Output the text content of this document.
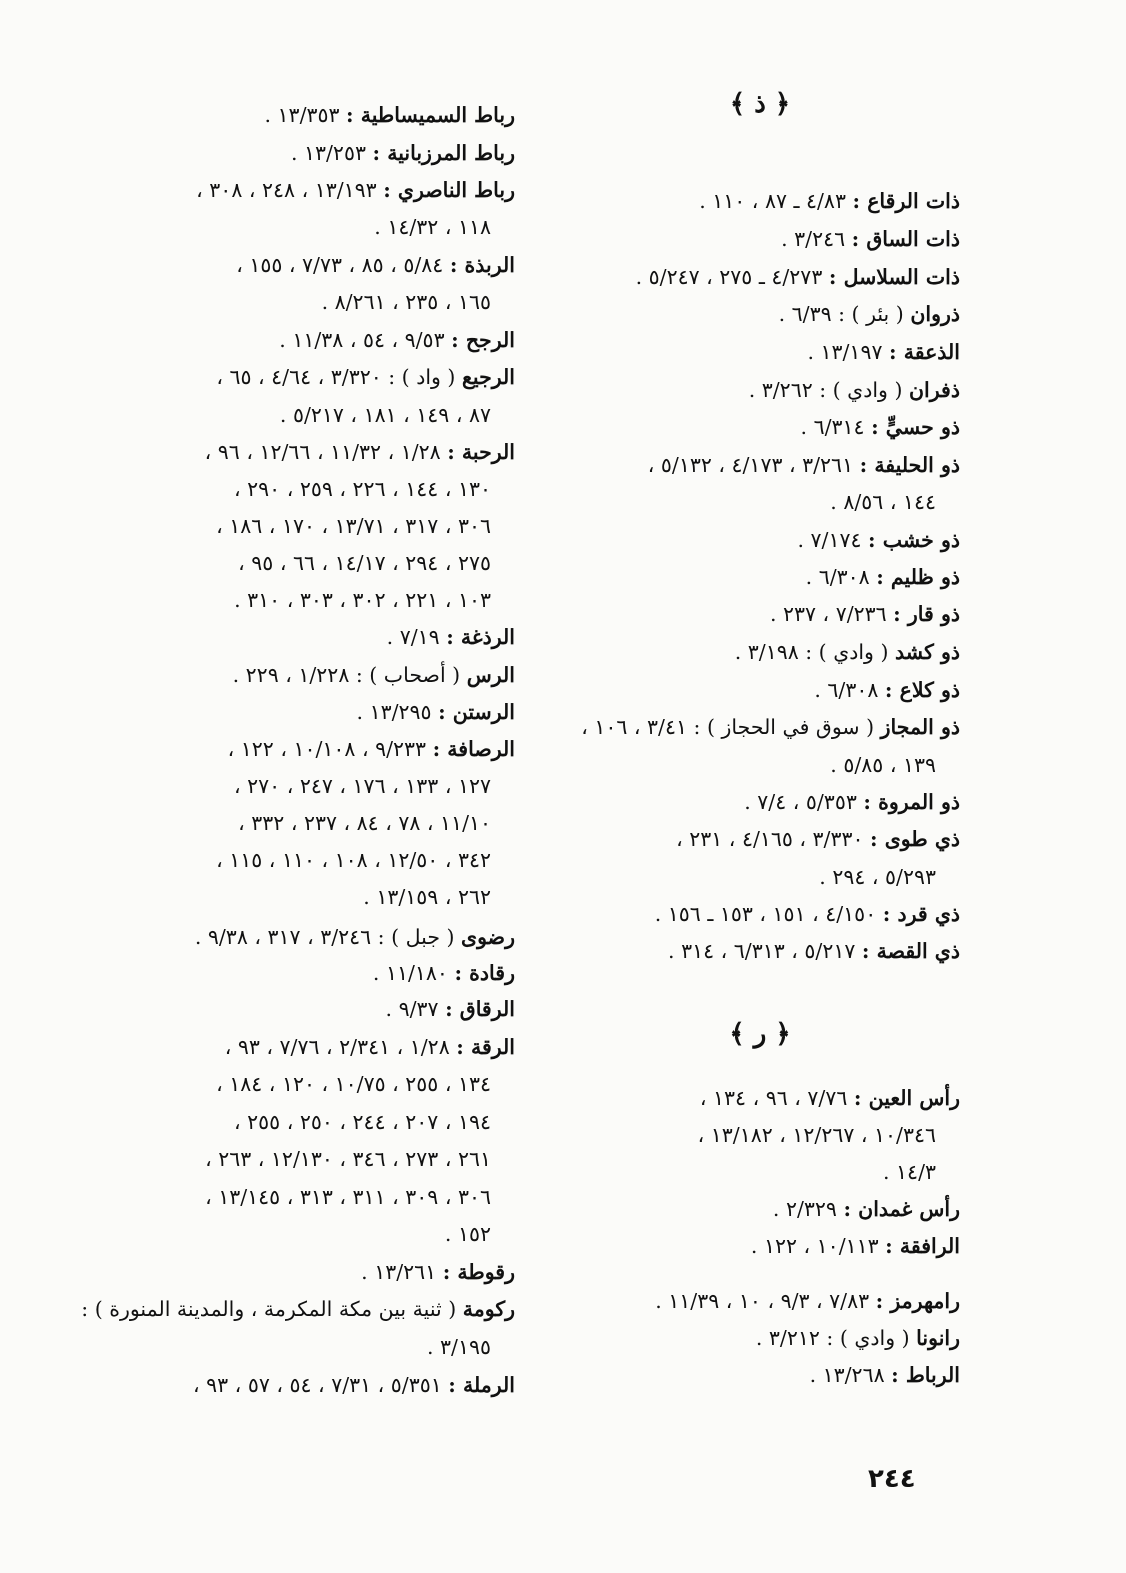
﴿ ذ ﴾
ذات الرقاع : ٤/٨٣ ـ ٨٧ ، ١١٠ .
ذات الساق : ٣/٢٤٦ .
ذات السلاسل : ٤/٢٧٣ ـ ٢٧٥ ، ٥/٢٤٧ .
ذروان ( بئر ) : ٦/٣٩ .
الذعقة : ١٣/١٩٧ .
ذفران ( وادي ) : ٣/٢٦٢ .
ذو حسيٍّ : ٦/٣١٤ .
ذو الحليفة : ٣/٢٦١ ، ٤/١٧٣ ، ٥/١٣٢ ،
١٤٤ ، ٨/٥٦ .
ذو خشب : ٧/١٧٤ .
ذو ظليم : ٦/٣٠٨ .
ذو قار : ٧/٢٣٦ ، ٢٣٧ .
ذو كشد ( وادي ) : ٣/١٩٨ .
ذو كلاع : ٦/٣٠٨ .
ذو المجاز ( سوق في الحجاز ) : ٣/٤١ ، ١٠٦ ،
١٣٩ ، ٥/٨٥ .
ذو المروة : ٥/٣٥٣ ، ٧/٤ .
ذي طوى : ٣/٣٣٠ ، ٤/١٦٥ ، ٢٣١ ،
٥/٢٩٣ ، ٢٩٤ .
ذي قرد : ٤/١٥٠ ، ١٥١ ، ١٥٣ ـ ١٥٦ .
ذي القصة : ٥/٢١٧ ، ٦/٣١٣ ، ٣١٤ .
﴿ ر ﴾
رأس العين : ٧/٧٦ ، ٩٦ ، ١٣٤ ،
١٠/٣٤٦ ، ١٢/٢٦٧ ، ١٣/١٨٢ ،
١٤/٣ .
رأس غمدان : ٢/٣٢٩ .
الرافقة : ١٠/١١٣ ، ١٢٢ .
رامهرمز : ٧/٨٣ ، ٩/٣ ، ١٠ ، ١١/٣٩ .
رانونا ( وادي ) : ٣/٢١٢ .
الرباط : ١٣/٢٦٨ .
رباط السميساطية : ١٣/٣٥٣ .
رباط المرزبانية : ١٣/٢٥٣ .
رباط الناصري : ١٣/١٩٣ ، ٢٤٨ ، ٣٠٨ ،
١١٨ ، ١٤/٣٢ .
الربذة : ٥/٨٤ ، ٨٥ ، ٧/٧٣ ، ١٥٥ ،
١٦٥ ، ٢٣٥ ، ٨/٢٦١ .
الرجح : ٩/٥٣ ، ٥٤ ، ١١/٣٨ .
الرجيع ( واد ) : ٣/٣٢٠ ، ٤/٦٤ ، ٦٥ ،
٨٧ ، ١٤٩ ، ١٨١ ، ٥/٢١٧ .
الرحبة : ١/٢٨ ، ١١/٣٢ ، ١٢/٦٦ ، ٩٦ ،
١٣٠ ، ١٤٤ ، ٢٢٦ ، ٢٥٩ ، ٢٩٠ ،
٣٠٦ ، ٣١٧ ، ١٣/٧١ ، ١٧٠ ، ١٨٦ ،
٢٧٥ ، ٢٩٤ ، ١٤/١٧ ، ٦٦ ، ٩٥ ،
١٠٣ ، ٢٢١ ، ٣٠٢ ، ٣٠٣ ، ٣١٠ .
الرذغة : ٧/١٩ .
الرس ( أصحاب ) : ١/٢٢٨ ، ٢٢٩ .
الرستن : ١٣/٢٩٥ .
الرصافة : ٩/٢٣٣ ، ١٠/١٠٨ ، ١٢٢ ،
١٢٧ ، ١٣٣ ، ١٧٦ ، ٢٤٧ ، ٢٧٠ ،
١١/١٠ ، ٧٨ ، ٨٤ ، ٢٣٧ ، ٣٣٢ ،
٣٤٢ ، ١٢/٥٠ ، ١٠٨ ، ١١٠ ، ١١٥ ،
٢٦٢ ، ١٣/١٥٩ .
رضوى ( جبل ) : ٣/٢٤٦ ، ٣١٧ ، ٩/٣٨ .
رقادة : ١١/١٨٠ .
الرقاق : ٩/٣٧ .
الرقة : ١/٢٨ ، ٢/٣٤١ ، ٧/٧٦ ، ٩٣ ،
١٣٤ ، ٢٥٥ ، ١٠/٧٥ ، ١٢٠ ، ١٨٤ ،
١٩٤ ، ٢٠٧ ، ٢٤٤ ، ٢٥٠ ، ٢٥٥ ،
٢٦١ ، ٢٧٣ ، ٣٤٦ ، ١٢/١٣٠ ، ٢٦٣ ،
٣٠٦ ، ٣٠٩ ، ٣١١ ، ٣١٣ ، ١٣/١٤٥ ،
١٥٢ .
رقوطة : ١٣/٢٦١ .
ركومة ( ثنية بين مكة المكرمة ، والمدينة المنورة ) :
٣/١٩٥ .
الرملة : ٥/٣٥١ ، ٧/٣١ ، ٥٤ ، ٥٧ ، ٩٣ ،
٢٤٤
